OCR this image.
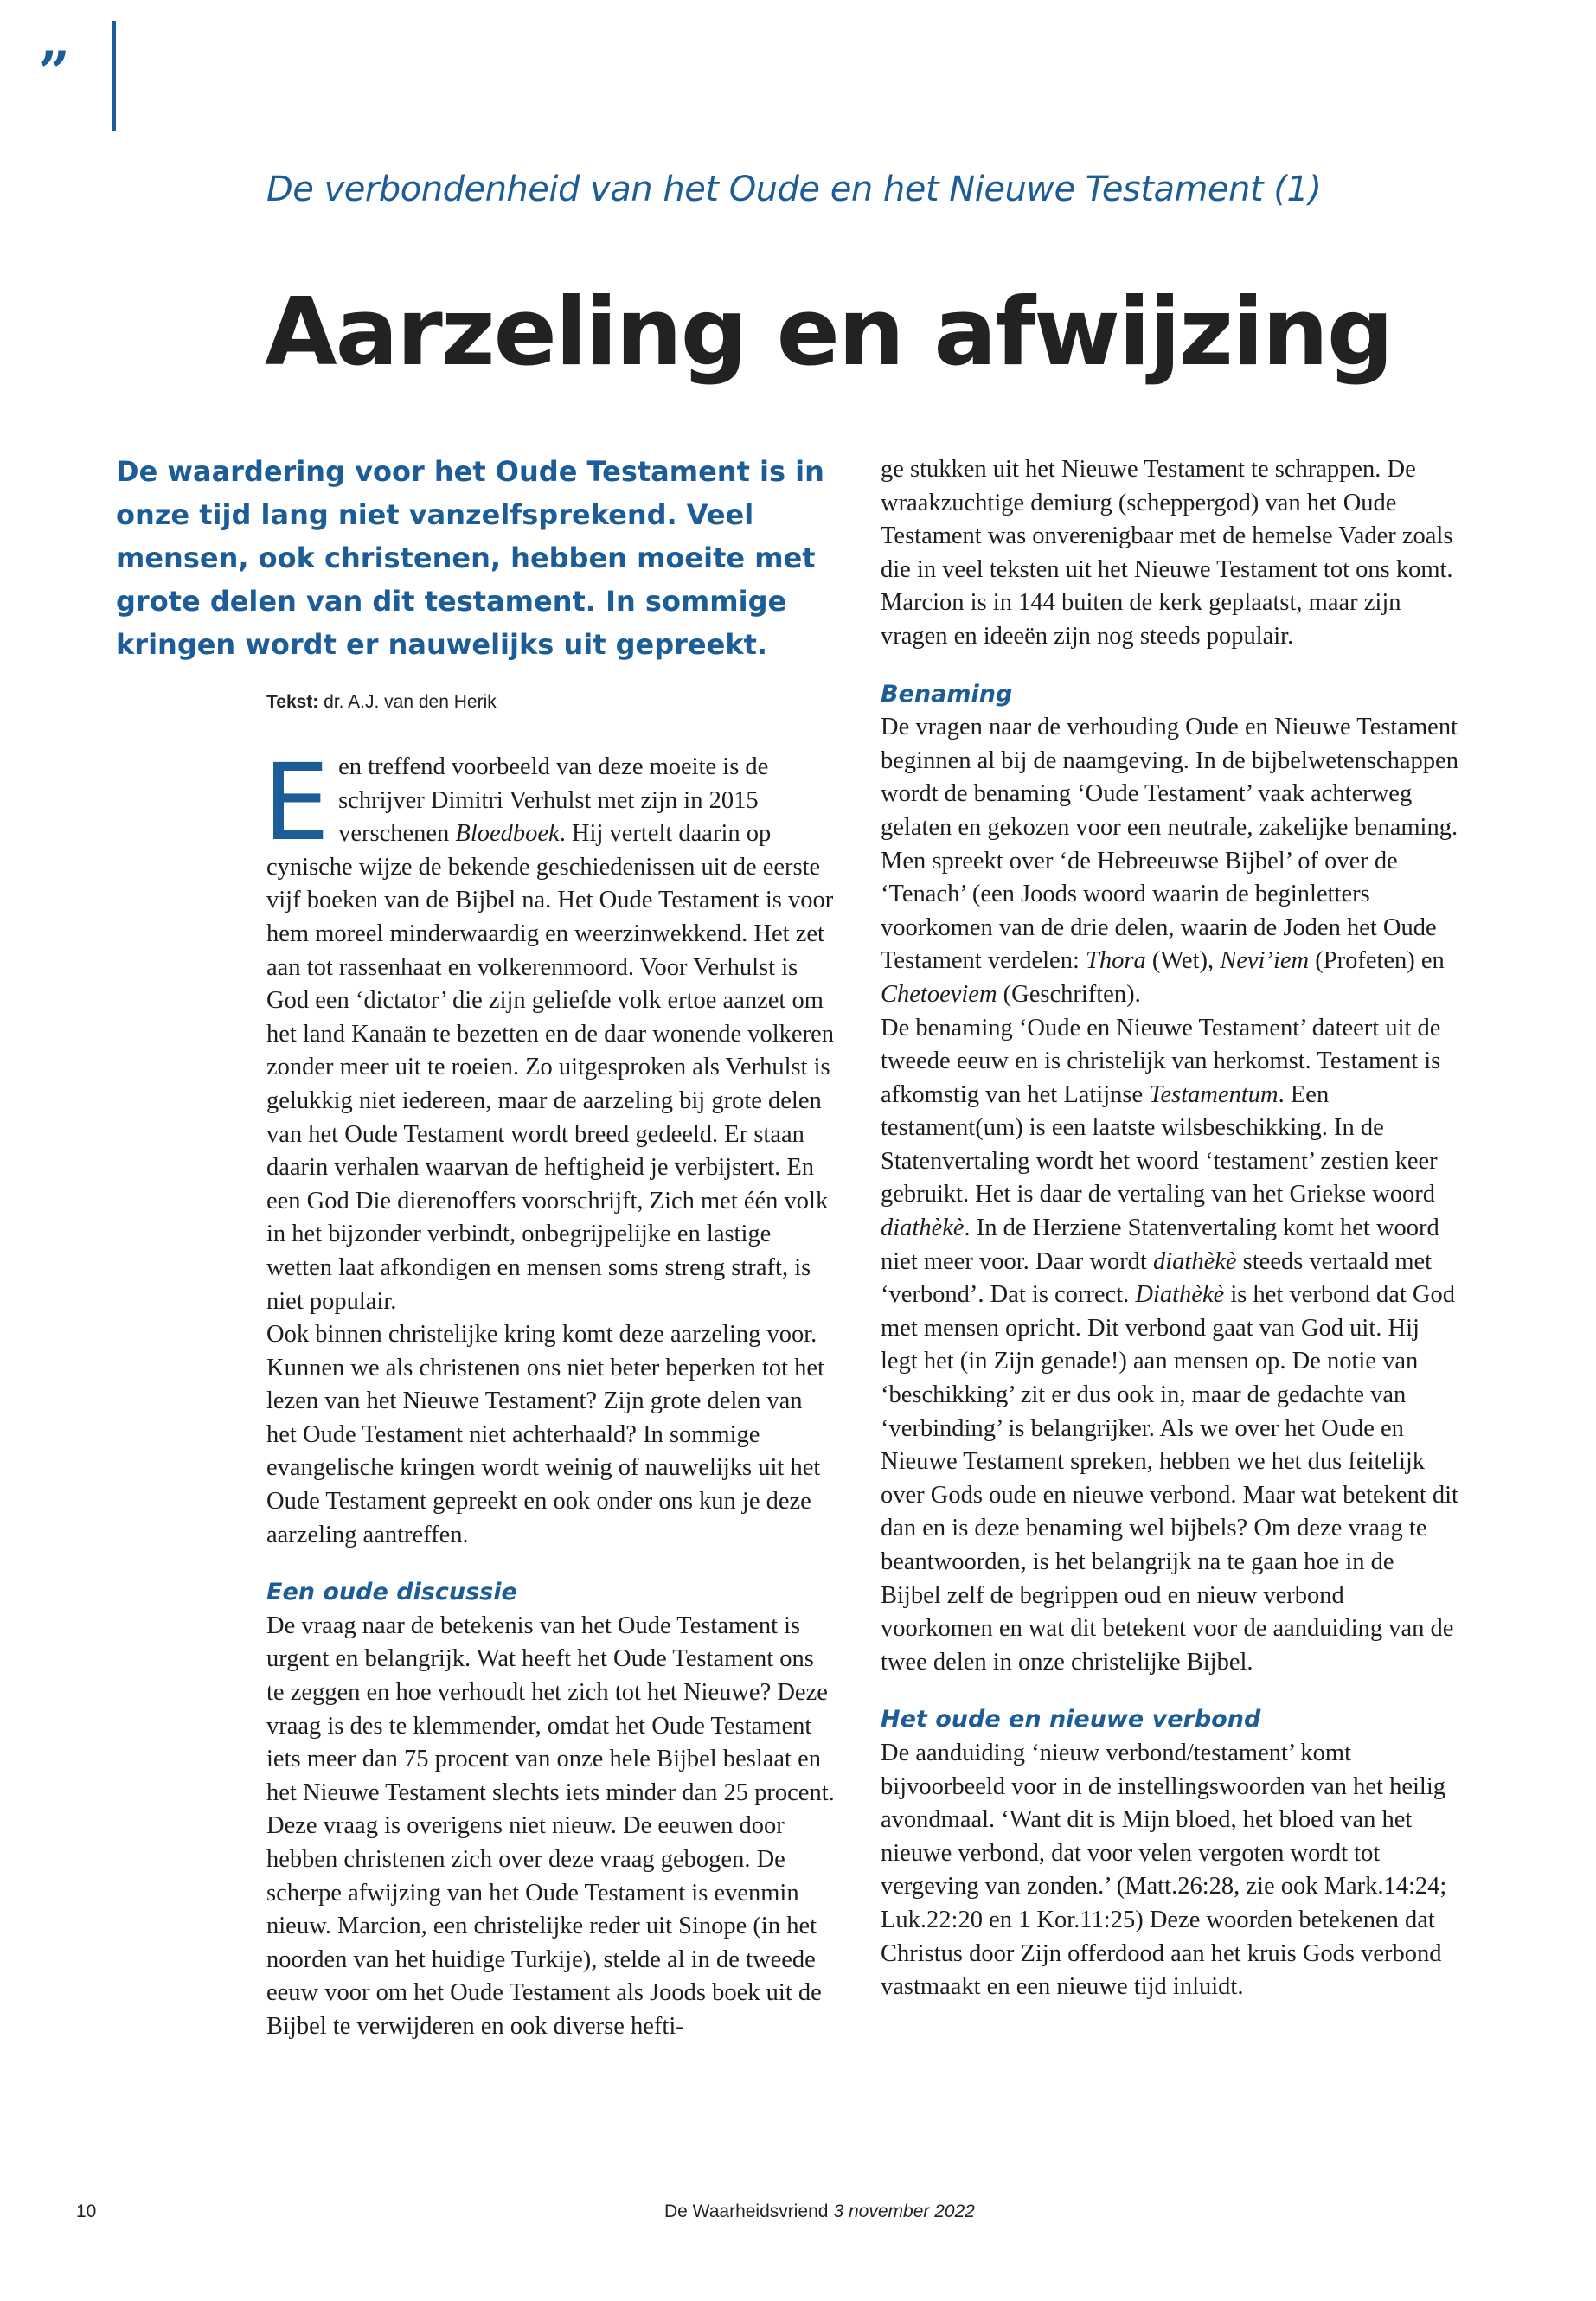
”
De verbondenheid van het Oude en het Nieuwe Testament (1)
Aarzeling en afwijzing

De waardering voor het Oude Testament is in onze tijd lang niet vanzelfsprekend. Veel mensen, ook christenen, hebben moeite met grote delen van dit testament. In sommige kringen wordt er nauwelijks uit gepreekt.

Tekst: dr. A.J. van den Herik

Een treffend voorbeeld van deze moeite is de schrijver Dimitri Verhulst met zijn in 2015 verschenen Bloedboek. Hij vertelt daarin op cynische wijze de bekende geschiedenissen uit de eerste vijf boeken van de Bijbel na. Het Oude Testament is voor hem moreel minderwaardig en weerzinwekkend. Het zet aan tot rassenhaat en volkerenmoord. Voor Verhulst is God een ‘dictator’ die zijn geliefde volk ertoe aanzet om het land Kanaän te bezetten en de daar wonende volkeren zonder meer uit te roeien. Zo uitgesproken als Verhulst is gelukkig niet iedereen, maar de aarzeling bij grote delen van het Oude Testament wordt breed gedeeld. Er staan daarin verhalen waarvan de heftigheid je verbijstert. En een God Die dierenoffers voorschrijft, Zich met één volk in het bijzonder verbindt, onbegrijpelijke en lastige wetten laat afkondigen en mensen soms streng straft, is niet populair.

Ook binnen christelijke kring komt deze aarzeling voor. Kunnen we als christenen ons niet beter beperken tot het lezen van het Nieuwe Testament? Zijn grote delen van het Oude Testament niet achterhaald? In sommige evangelische kringen wordt weinig of nauwelijks uit het Oude Testament gepreekt en ook onder ons kun je deze aarzeling aantreffen.

Een oude discussie

De vraag naar de betekenis van het Oude Testament is urgent en belangrijk. Wat heeft het Oude Testament ons te zeggen en hoe verhoudt het zich tot het Nieuwe? Deze vraag is des te klemmender, omdat het Oude Testament iets meer dan 75 procent van onze hele Bijbel beslaat en het Nieuwe Testament slechts iets minder dan 25 procent.

Deze vraag is overigens niet nieuw. De eeuwen door hebben christenen zich over deze vraag gebogen. De scherpe afwijzing van het Oude Testament is evenmin nieuw. Marcion, een christelijke reder uit Sinope (in het noorden van het huidige Turkije), stelde al in de tweede eeuw voor om het Oude Testament als Joods boek uit de Bijbel te verwijderen en ook diverse hefti-

ge stukken uit het Nieuwe Testament te schrappen. De wraakzuchtige demiurg (scheppergod) van het Oude Testament was onverenigbaar met de hemelse Vader zoals die in veel teksten uit het Nieuwe Testament tot ons komt. Marcion is in 144 buiten de kerk geplaatst, maar zijn vragen en ideeën zijn nog steeds populair.

Benaming

De vragen naar de verhouding Oude en Nieuwe Testament beginnen al bij de naamgeving. In de bijbelwetenschappen wordt de benaming ‘Oude Testament’ vaak achterweg gelaten en gekozen voor een neutrale, zakelijke benaming. Men spreekt over ‘de Hebreeuwse Bijbel’ of over de ‘Tenach’ (een Joods woord waarin de beginletters voorkomen van de drie delen, waarin de Joden het Oude Testament verdelen: Thora (Wet), Nevi’iem (Profeten) en Chetoeviem (Geschriften).

De benaming ‘Oude en Nieuwe Testament’ dateert uit de tweede eeuw en is christelijk van herkomst. Testament is afkomstig van het Latijnse Testamentum. Een testament(um) is een laatste wilsbeschikking. In de Statenvertaling wordt het woord ‘testament’ zestien keer gebruikt. Het is daar de vertaling van het Griekse woord diathèkè. In de Herziene Statenvertaling komt het woord niet meer voor. Daar wordt diathèkè steeds vertaald met ‘verbond’. Dat is correct. Diathèkè is het verbond dat God met mensen opricht. Dit verbond gaat van God uit. Hij legt het (in Zijn genade!) aan mensen op. De notie van ‘beschikking’ zit er dus ook in, maar de gedachte van ‘verbinding’ is belangrijker. Als we over het Oude en Nieuwe Testament spreken, hebben we het dus feitelijk over Gods oude en nieuwe verbond. Maar wat betekent dit dan en is deze benaming wel bijbels? Om deze vraag te beantwoorden, is het belangrijk na te gaan hoe in de Bijbel zelf de begrippen oud en nieuw verbond voorkomen en wat dit betekent voor de aanduiding van de twee delen in onze christelijke Bijbel.

Het oude en nieuwe verbond

De aanduiding ‘nieuw verbond/testament’ komt bijvoorbeeld voor in de instellingswoorden van het heilig avondmaal. ‘Want dit is Mijn bloed, het bloed van het nieuwe verbond, dat voor velen vergoten wordt tot vergeving van zonden.’ (Matt.26:28, zie ook Mark.14:24; Luk.22:20 en 1 Kor.11:25) Deze woorden betekenen dat Christus door Zijn offerdood aan het kruis Gods verbond vastmaakt en een nieuwe tijd inluidt.

10	De Waarheidsvriend 3 november 2022
